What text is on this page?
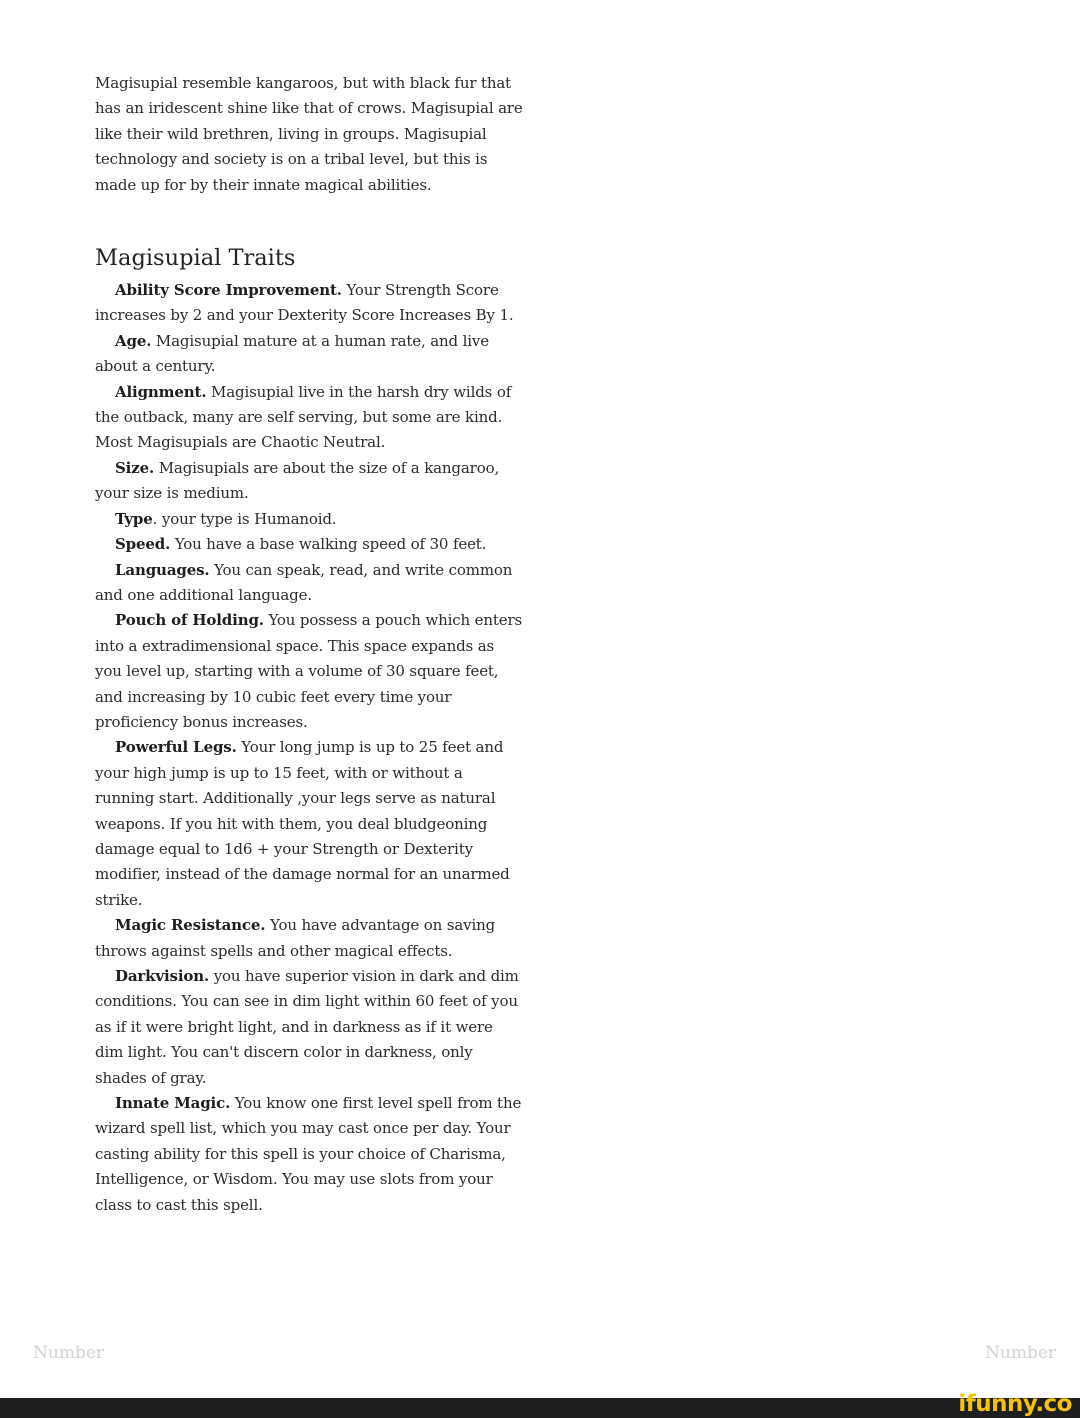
Magisupial resemble kangaroos, but with black fur that has an iridescent shine like that of crows. Magisupial are like their wild brethren, living in groups. Magisupial technology and society is on a tribal level, but this is made up for by their innate magical abilities.

Magisupial Traits

Ability Score Improvement. Your Strength Score increases by 2 and your Dexterity Score Increases By 1.

Age. Magisupial mature at a human rate, and live about a century.

Alignment. Magisupial live in the harsh dry wilds of the outback, many are self serving, but some are kind. Most Magisupials are Chaotic Neutral.

Size. Magisupials are about the size of a kangaroo, your size is medium.

Type. your type is Humanoid.

Speed. You have a base walking speed of 30 feet.

Languages. You can speak, read, and write common and one additional language.

Pouch of Holding. You possess a pouch which enters into a extradimensional space. This space expands as you level up, starting with a volume of 30 square feet, and increasing by 10 cubic feet every time your proficiency bonus increases.

Powerful Legs. Your long jump is up to 25 feet and your high jump is up to 15 feet, with or without a running start. Additionally ,your legs serve as natural weapons. If you hit with them, you deal bludgeoning damage equal to 1d6 + your Strength or Dexterity modifier, instead of the damage normal for an unarmed strike.

Magic Resistance. You have advantage on saving throws against spells and other magical effects.

Darkvision. you have superior vision in dark and dim conditions. You can see in dim light within 60 feet of you as if it were bright light, and in darkness as if it were dim light. You can't discern color in darkness, only shades of gray.

Innate Magic. You know one first level spell from the wizard spell list, which you may cast once per day. Your casting ability for this spell is your choice of Charisma, Intelligence, or Wisdom. You may use slots from your class to cast this spell.

Number	Number
ifunny.co
